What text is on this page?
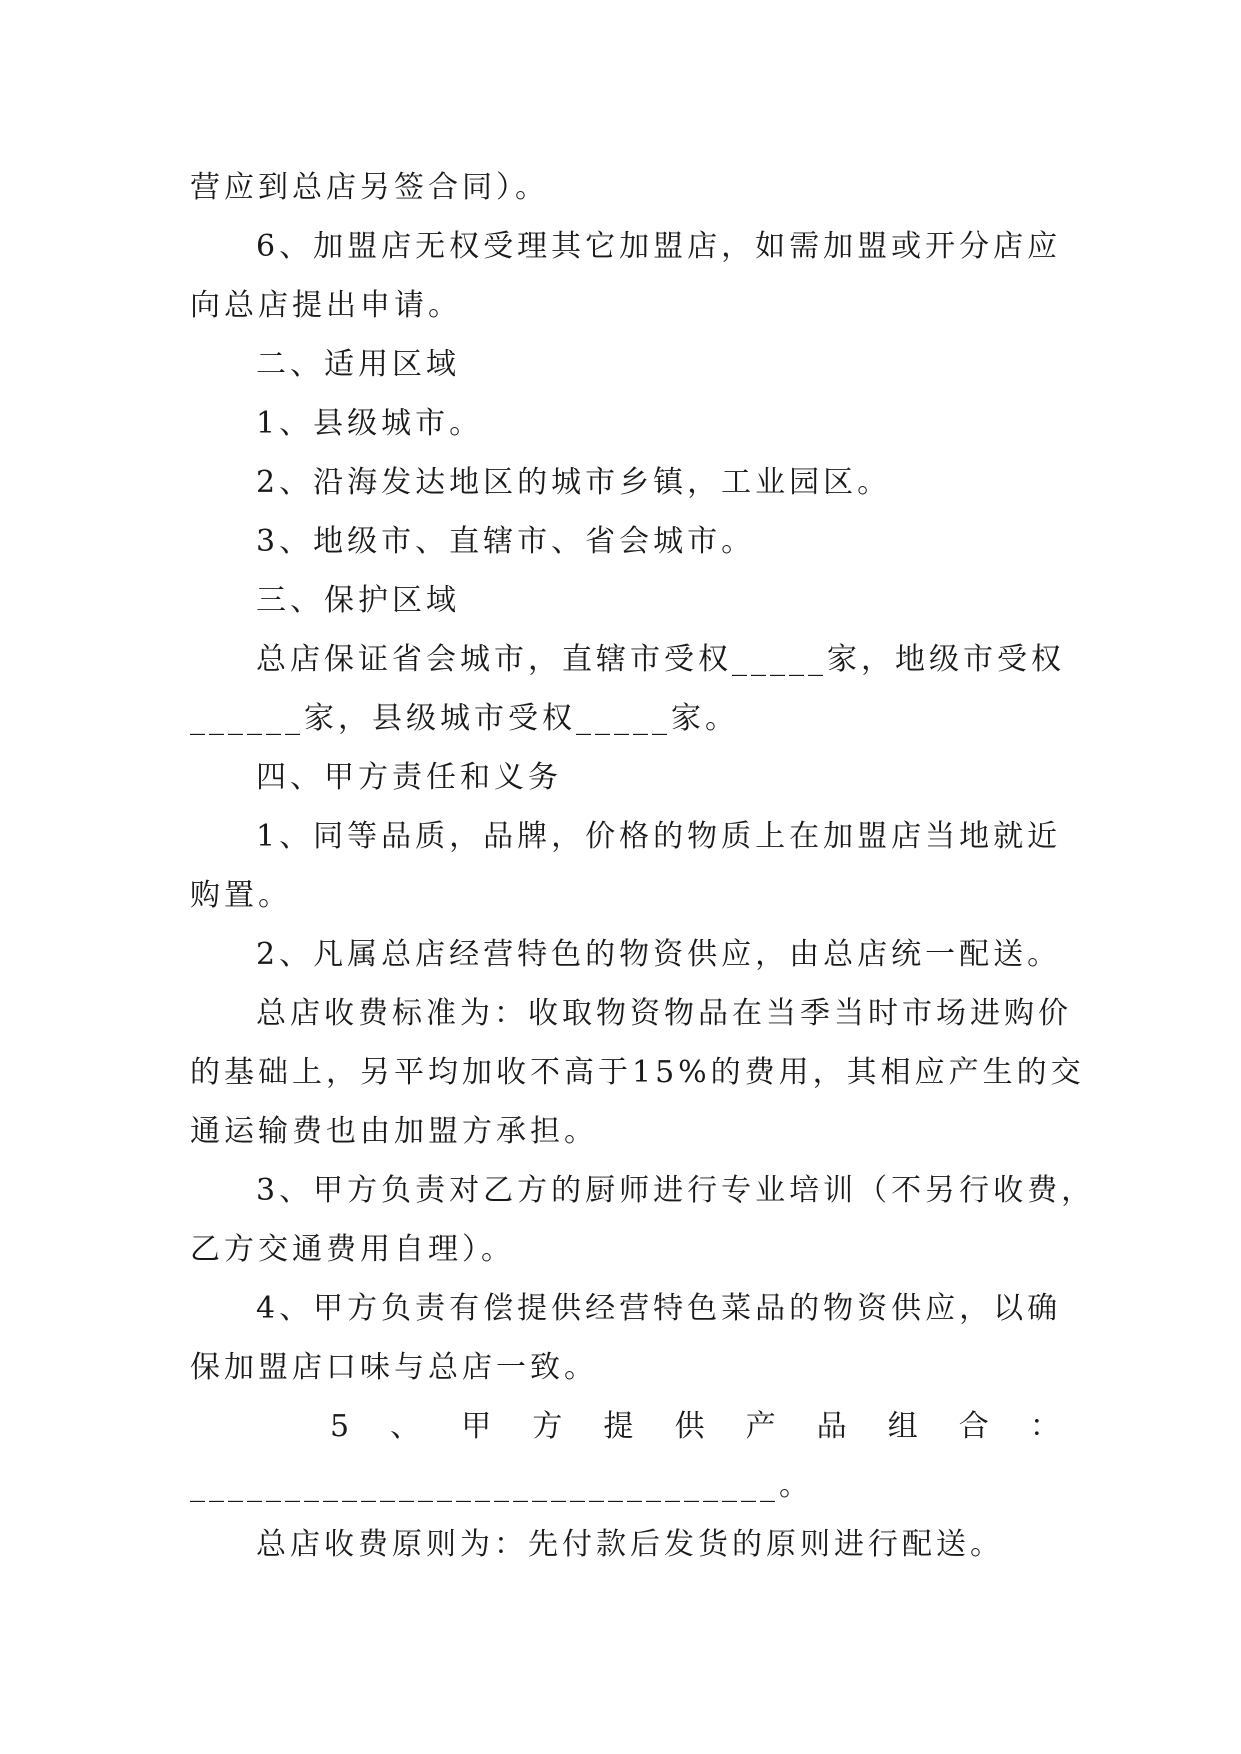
营应到总店另签合同）。
6、加盟店无权受理其它加盟店，如需加盟或开分店应
向总店提出申请。
二、适用区域
1、县级城市。
2、沿海发达地区的城市乡镇，工业园区。
3、地级市、直辖市、省会城市。
三、保护区域
总店保证省会城市，直辖市受权_____家，地级市受权
______家，县级城市受权_____家。
四、甲方责任和义务
1、同等品质，品牌，价格的物质上在加盟店当地就近
购置。
2、凡属总店经营特色的物资供应，由总店统一配送。
总店收费标准为：收取物资物品在当季当时市场进购价
的基础上，另平均加收不高于15%的费用，其相应产生的交
通运输费也由加盟方承担。
3、甲方负责对乙方的厨师进行专业培训（不另行收费，
乙方交通费用自理）。
4、甲方负责有偿提供经营特色菜品的物资供应，以确
保加盟店口味与总店一致。
5 、 甲 方 提 供 产 品 组 合 ：
_______________________________。
总店收费原则为：先付款后发货的原则进行配送。
